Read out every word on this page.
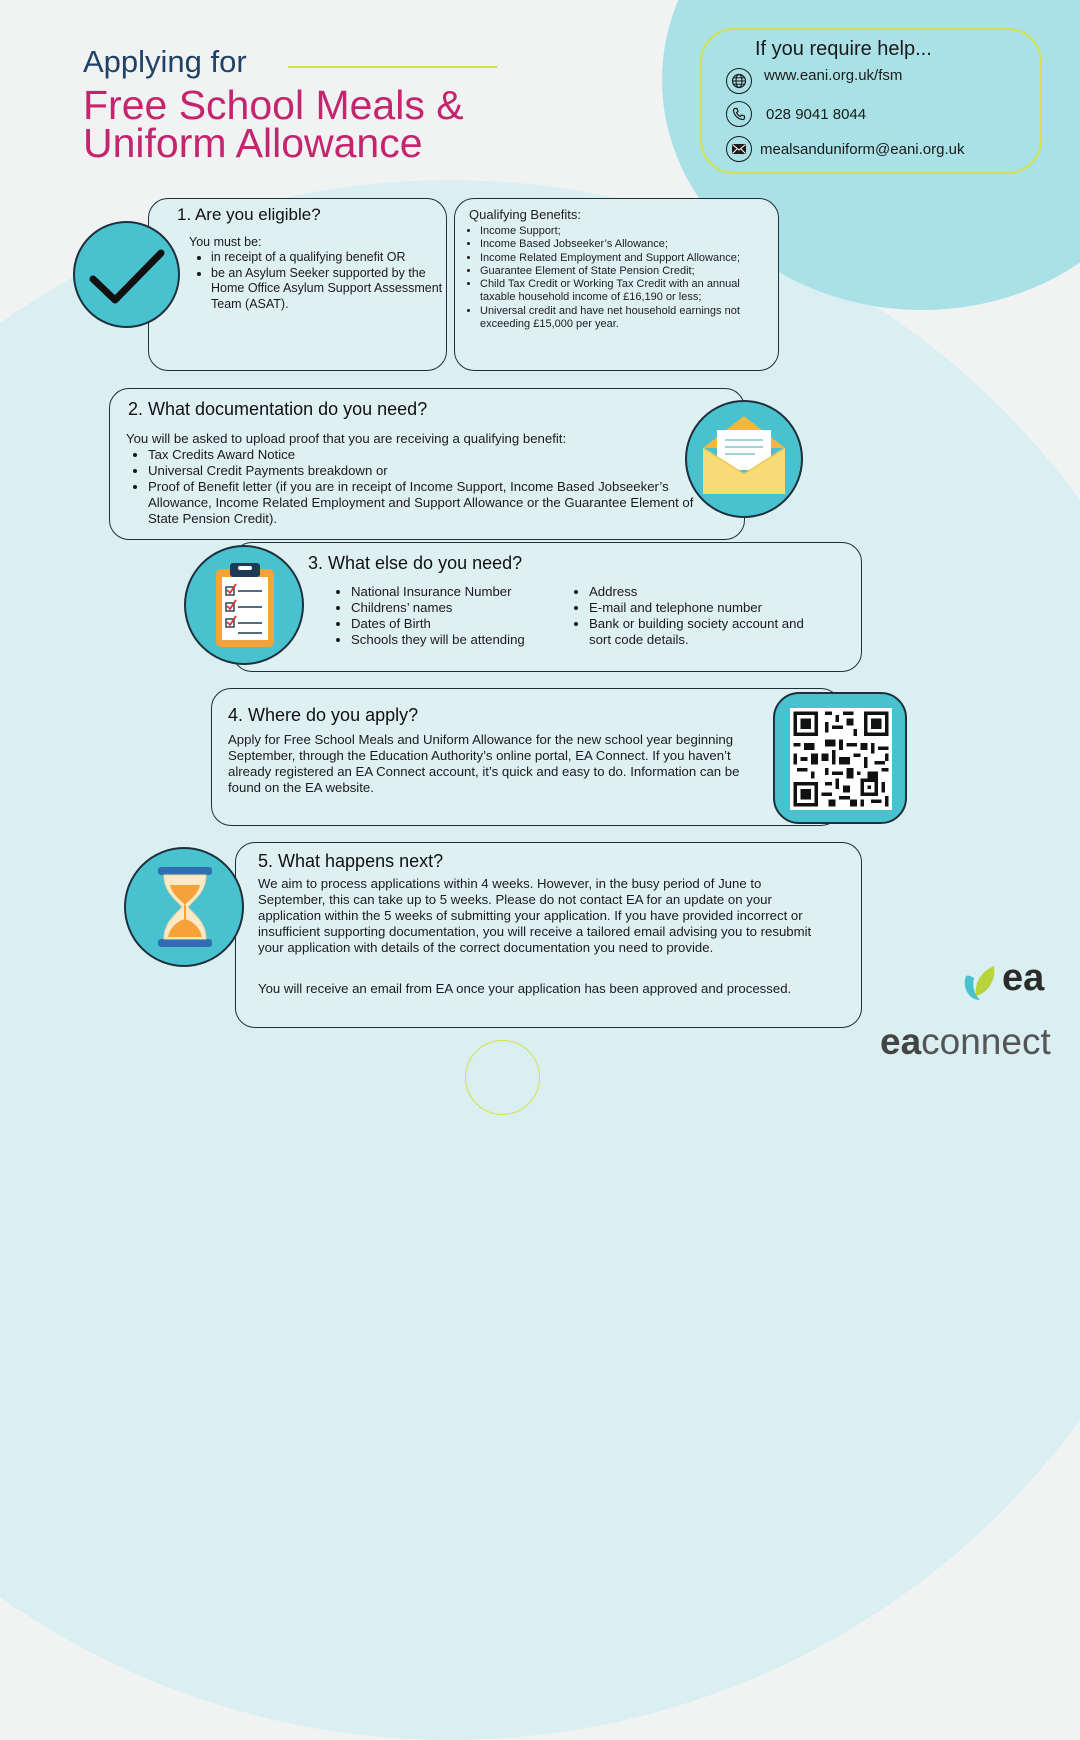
Applying for
Free School Meals &
Uniform Allowance
If you require help...
www.eani.org.uk/fsm
028 9041 8044
mealsanduniform@eani.org.uk
1. Are you eligible?
You must be:
• in receipt of a qualifying benefit OR
• be an Asylum Seeker supported by the Home Office Asylum Support Assessment Team (ASAT).
Qualifying Benefits:
• Income Support;
• Income Based Jobseeker’s Allowance;
• Income Related Employment and Support Allowance;
• Guarantee Element of State Pension Credit;
• Child Tax Credit or Working Tax Credit with an annual taxable household income of £16,190 or less;
• Universal credit and have net household earnings not exceeding £15,000 per year.
2. What documentation do you need?
You will be asked to upload proof that you are receiving a qualifying benefit:
• Tax Credits Award Notice
• Universal Credit Payments breakdown or
• Proof of Benefit letter (if you are in receipt of Income Support, Income Based Jobseeker’s Allowance, Income Related Employment and Support Allowance or the Guarantee Element of State Pension Credit).
3. What else do you need?
• National Insurance Number
• Childrens’ names
• Dates of Birth
• Schools they will be attending
• Address
• E-mail and telephone number
• Bank or building society account and sort code details.
4. Where do you apply?
Apply for Free School Meals and Uniform Allowance for the new school year beginning September, through the Education Authority’s online portal, EA Connect. If you haven’t already registered an EA Connect account, it’s quick and easy to do. Information can be found on the EA website.
5. What happens next?
We aim to process applications within 4 weeks. However, in the busy period of June to September, this can take up to 5 weeks. Please do not contact EA for an update on your application within the 5 weeks of submitting your application. If you have provided incorrect or insufficient supporting documentation, you will receive a tailored email advising you to resubmit your application with details of the correct documentation you need to provide.
You will receive an email from EA once your application has been approved and processed.	ea
eaconnect
